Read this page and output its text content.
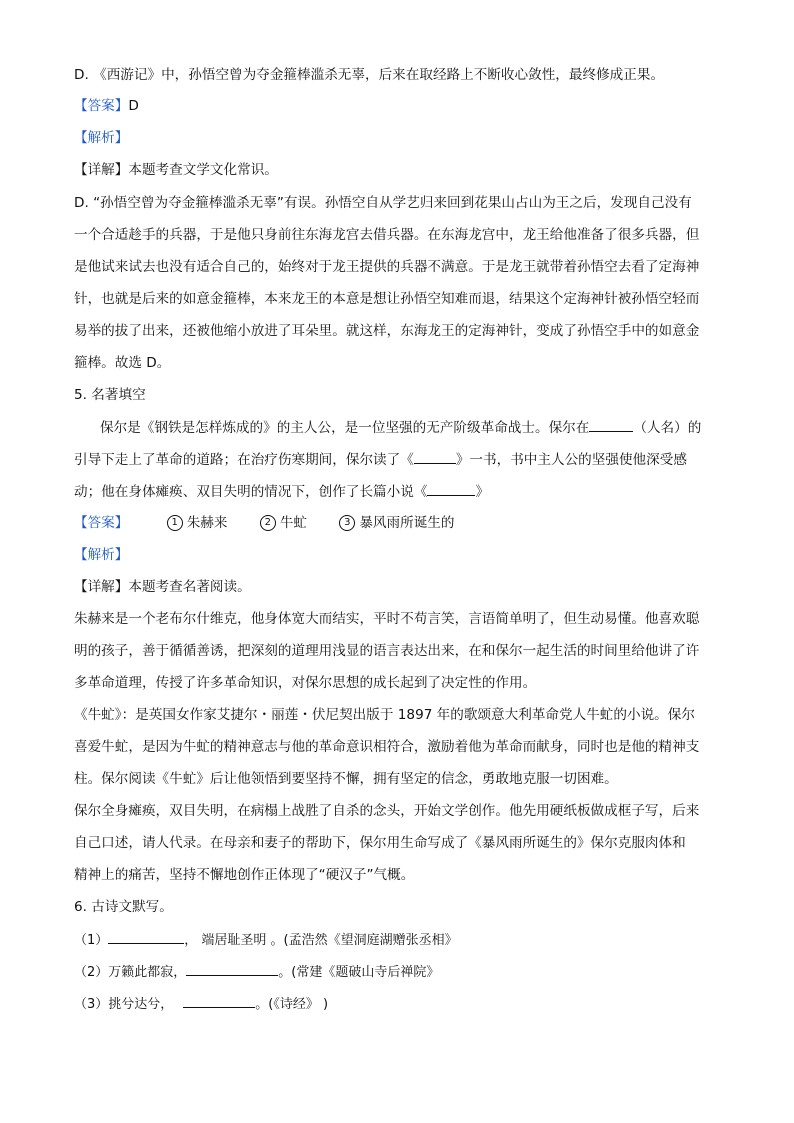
D. 《西游记》中，孙悟空曾为夺金箍棒滥杀无辜，后来在取经路上不断收心敛性，最终修成正果。
【答案】D
【解析】
【详解】本题考查文学文化常识。
D. “孙悟空曾为夺金箍棒滥杀无辜”有误。孙悟空自从学艺归来回到花果山占山为王之后，发现自己没有
一个合适趁手的兵器，于是他只身前往东海龙宫去借兵器。在东海龙宫中，龙王给他准备了很多兵器，但
是他试来试去也没有适合自己的，始终对于龙王提供的兵器不满意。于是龙王就带着孙悟空去看了定海神
针，也就是后来的如意金箍棒，本来龙王的本意是想让孙悟空知难而退，结果这个定海神针被孙悟空轻而
易举的拔了出来，还被他缩小放进了耳朵里。就这样，东海龙王的定海神针，变成了孙悟空手中的如意金
箍棒。故选 D。
5. 名著填空
保尔是《钢铁是怎样炼成的》的主人公，是一位坚强的无产阶级革命战士。保尔在	（人名）的
引导下走上了革命的道路；在治疗伤寒期间，保尔读了《	》一书，书中主人公的坚强使他深受感
动；他在身体瘫痪、双目失明的情况下，创作了长篇小说《	》
【答案】	1 朱赫来	2 牛虻	3 暴风雨所诞生的
【解析】
【详解】本题考查名著阅读。
朱赫来是一个老布尔什维克，他身体宽大而结实，平时不苟言笑，言语简单明了，但生动易懂。他喜欢聪
明的孩子，善于循循善诱，把深刻的道理用浅显的语言表达出来，在和保尔一起生活的时间里给他讲了许
多革命道理，传授了许多革命知识，对保尔思想的成长起到了决定性的作用。
《牛虻》：是英国女作家艾捷尔・丽莲・伏尼契出版于 1897 年的歌颂意大利革命党人牛虻的小说。保尔
喜爱牛虻，是因为牛虻的精神意志与他的革命意识相符合，激励着他为革命而献身，同时也是他的精神支
柱。保尔阅读《牛虻》后让他领悟到要坚持不懈，拥有坚定的信念，勇敢地克服一切困难。
保尔全身瘫痪，双目失明，在病榻上战胜了自杀的念头，开始文学创作。他先用硬纸板做成框子写，后来
自己口述，请人代录。在母亲和妻子的帮助下，保尔用生命写成了《暴风雨所诞生的》保尔克服肉体和
精神上的痛苦，坚持不懈地创作正体现了“硬汉子”气概。
6. 古诗文默写。
（1）	， 端居耻圣明 。(孟浩然《望洞庭湖赠张丞相》
（2）万籁此都寂，	。(常建《题破山寺后禅院》
（3）挑兮达兮，	。(《诗经》 )
